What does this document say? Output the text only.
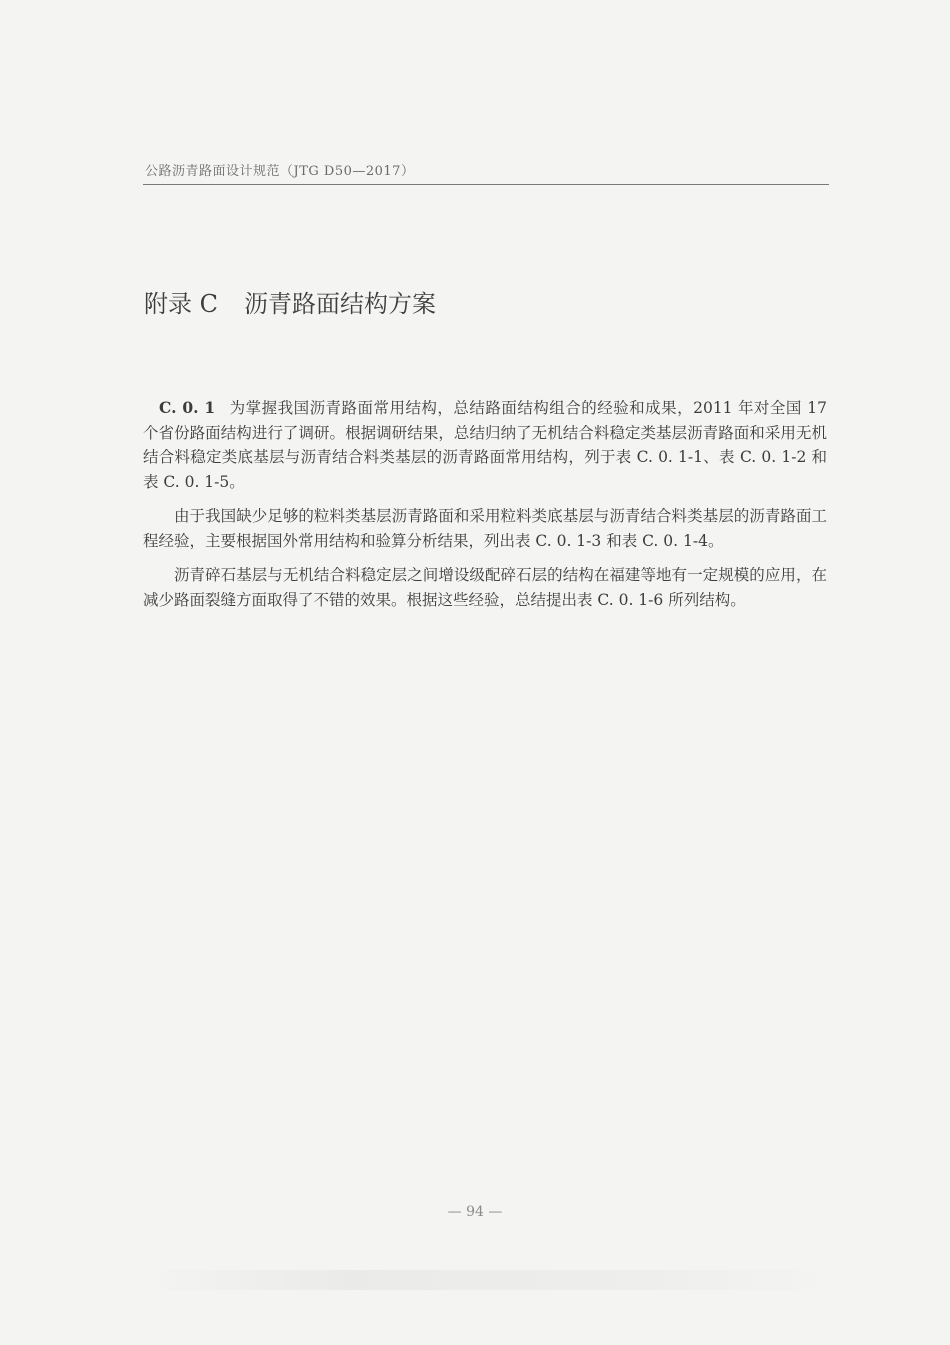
公路沥青路面设计规范（JTG D50—2017）
附录 C 沥青路面结构方案

C. 0. 1 为掌握我国沥青路面常用结构，总结路面结构组合的经验和成果，2011 年对全国 17 个省份路面结构进行了调研。根据调研结果，总结归纳了无机结合料稳定类基层沥青路面和采用无机结合料稳定类底基层与沥青结合料类基层的沥青路面常用结构，列于表 C. 0. 1-1、表 C. 0. 1-2 和表 C. 0. 1-5。

由于我国缺少足够的粒料类基层沥青路面和采用粒料类底基层与沥青结合料类基层的沥青路面工程经验，主要根据国外常用结构和验算分析结果，列出表 C. 0. 1-3 和表 C. 0. 1-4。

沥青碎石基层与无机结合料稳定层之间增设级配碎石层的结构在福建等地有一定规模的应用，在减少路面裂缝方面取得了不错的效果。根据这些经验，总结提出表 C. 0. 1-6 所列结构。

— 94 —
